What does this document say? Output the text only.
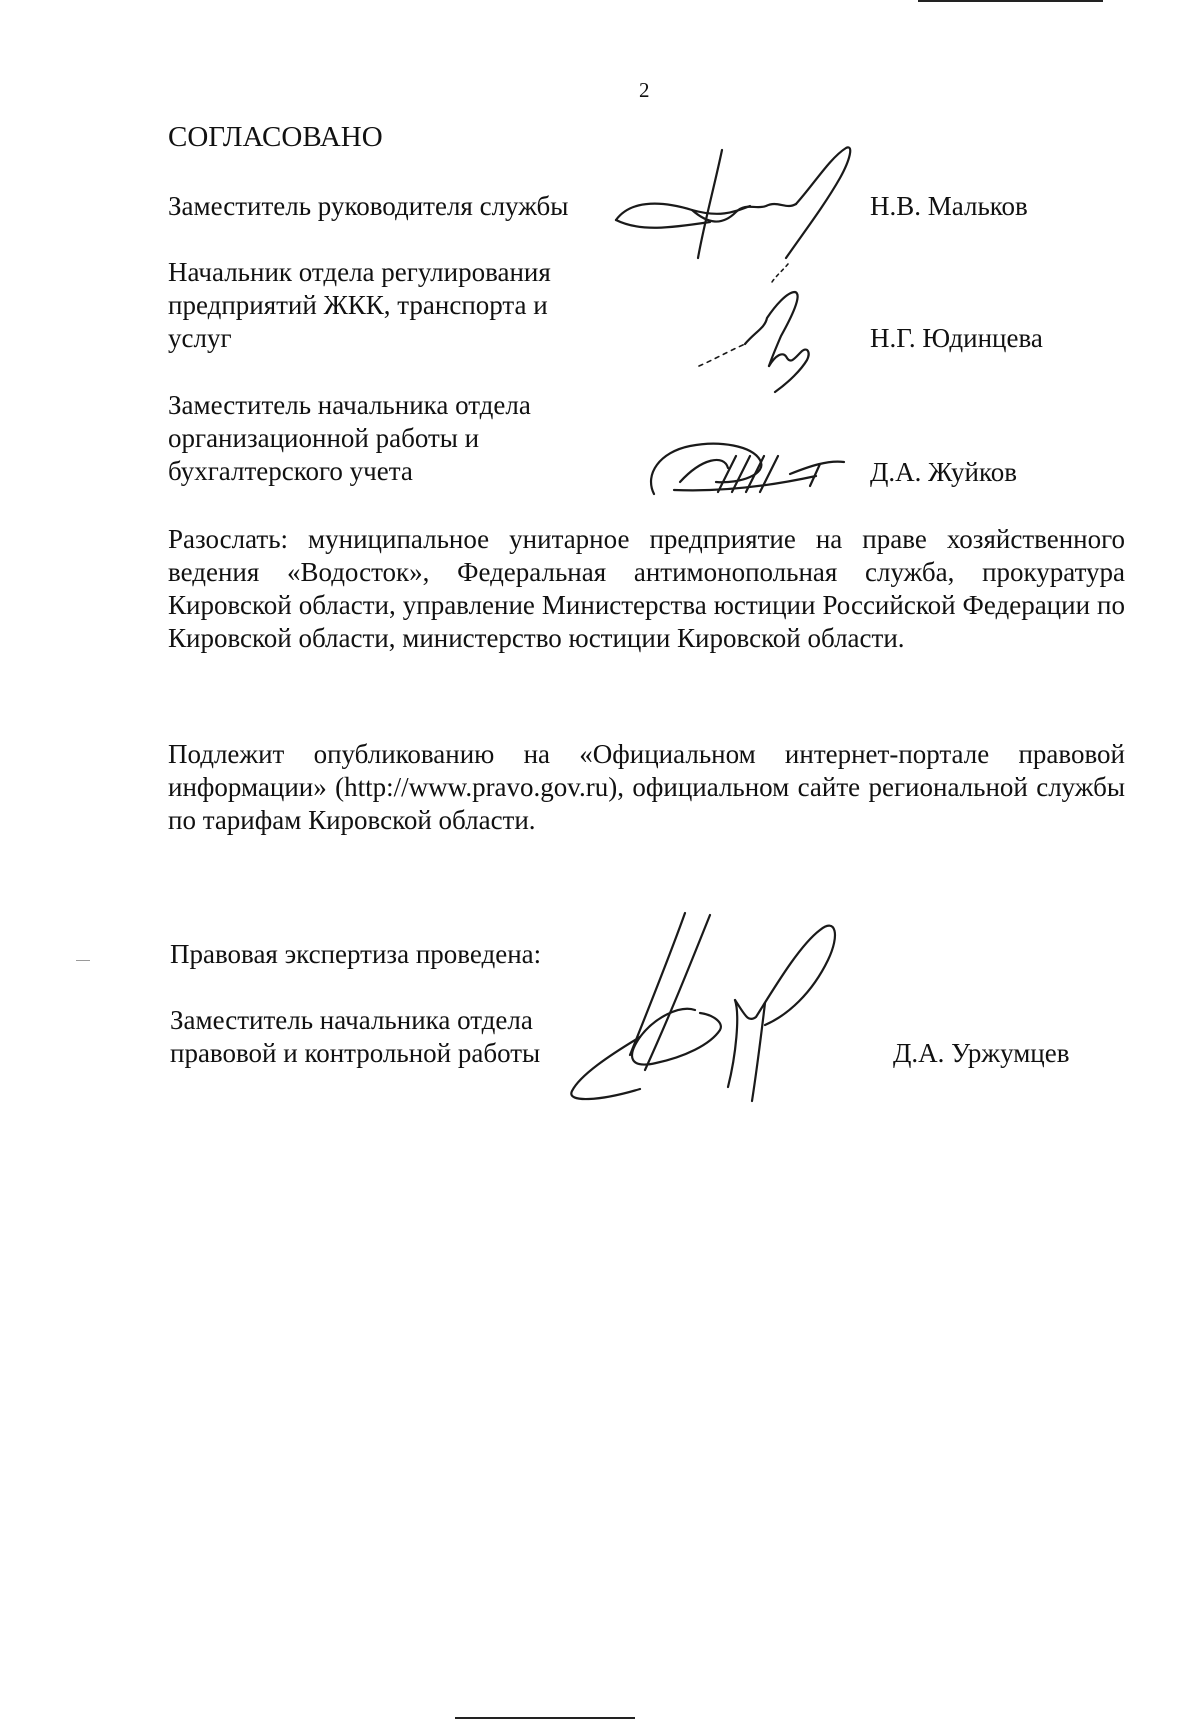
2

СОГЛАСОВАНО

Заместитель руководителя службы	Н.В. Мальков

Начальник отдела регулирования

предприятий ЖКК, транспорта и

услуг	Н.Г. Юдинцева

Заместитель начальника отдела

организационной работы и

бухгалтерского учета	Д.А. Жуйков

Разослать: муниципальное унитарное предприятие на праве хозяйственного ведения «Водосток», Федеральная антимонопольная служба, прокуратура Кировской области, управление Министерства юстиции Российской Федерации по Кировской области, министерство юстиции Кировской области.

Подлежит опубликованию на «Официальном интернет-портале правовой информации» (http://www.pravo.gov.ru), официальном сайте региональной службы по тарифам Кировской области.

Правовая экспертиза проведена:

Заместитель начальника отдела

правовой и контрольной работы	Д.А. Уржумцев
